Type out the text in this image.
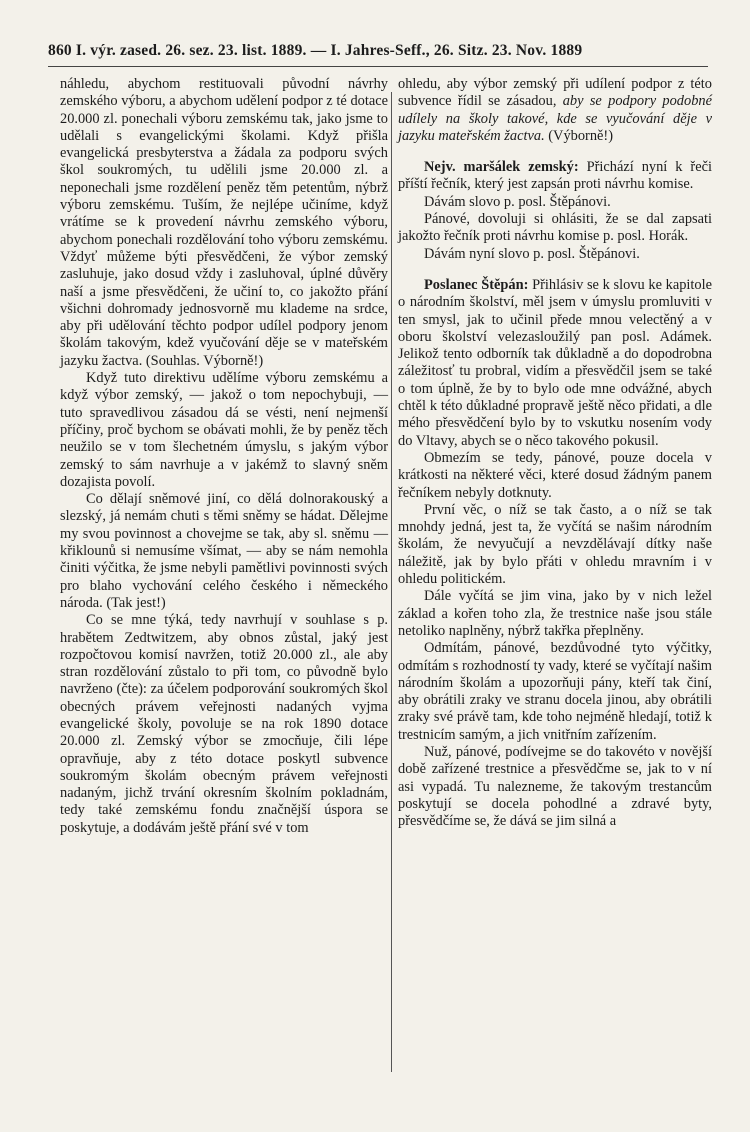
860 I. výr. zased. 26. sez. 23. list. 1889. — I. Jahres-Seff., 26. Sitz. 23. Nov. 1889

náhledu, abychom restituovali původní návrhy zemského výboru, a abychom udělení podpor z té dotace 20.000 zl. ponechali výboru zemskému tak, jako jsme to udělali s evangelickými školami. Když přišla evangelická presbyterstva a žádala za podporu svých škol soukromých, tu udělili jsme 20.000 zl. a neponechali jsme rozdělení peněz těm petentům, nýbrž výboru zemskému. Tuším, že nejlépe učiníme, když vrátíme se k provedení návrhu zemského výboru, abychom ponechali rozdělování toho výboru zemskému. Vždyť můžeme býti přesvědčeni, že výbor zemský zasluhuje, jako dosud vždy i zasluhoval, úplné důvěry naší a jsme přesvědčeni, že učiní to, co jakožto přání všichni dohromady jednosvorně mu klademe na srdce, aby při udělování těchto podpor udílel podpory jenom školám takovým, kdež vyučování děje se v mateřském jazyku žactva. (Souhlas. Výborně!)

Když tuto direktivu udělíme výboru zemskému a když výbor zemský, — jakož o tom nepochybuji, — tuto spravedlivou zásadou dá se vésti, není nejmenší příčiny, proč bychom se obávati mohli, že by peněz těch neužilo se v tom šlechetném úmyslu, s jakým výbor zemský to sám navrhuje a v jakémž to slavný sněm dozajista povolí.

Co dělají sněmové jiní, co dělá dolnorakouský a slezský, já nemám chuti s těmi sněmy se hádat. Dělejme my svou povinnost a chovejme se tak, aby sl. sněmu — křiklounů si nemusíme všímat, — aby se nám nemohla činiti výčitka, že jsme nebyli pamětlivi povinnosti svých pro blaho vychování celého českého i německého národa. (Tak jest!)

Co se mne týká, tedy navrhují v souhlase s p. hrabětem Zedtwitzem, aby obnos zůstal, jaký jest rozpočtovou komisí navržen, totiž 20.000 zl., ale aby stran rozdělování zůstalo to při tom, co původně bylo navrženo (čte): za účelem podporování soukromých škol obecných právem veřejnosti nadaných vyjma evangelické školy, povoluje se na rok 1890 dotace 20.000 zl. Zemský výbor se zmocňuje, čili lépe opravňuje, aby z této dotace poskytl subvence soukromým školám obecným právem veřejnosti nadaným, jichž trvání okresním školním pokladnám, tedy také zemskému fondu značnější úspora se poskytuje, a dodávám ještě přání své v tom

ohledu, aby výbor zemský při udílení podpor z této subvence řídil se zásadou, aby se podpory podobné udílely na školy takové, kde se vyučování děje v jazyku mateřském žactva. (Výborně!)

Nejv. maršálek zemský: Přichází nyní k řeči příští řečník, který jest zapsán proti návrhu komise.

Dávám slovo p. posl. Štěpánovi.

Pánové, dovoluji si ohlásiti, že se dal zapsati jakožto řečník proti návrhu komise p. posl. Horák.

Dávám nyní slovo p. posl. Štěpánovi.

Poslanec Štěpán: Přihlásiv se k slovu ke kapitole o národním školství, měl jsem v úmyslu promluviti v ten smysl, jak to učinil přede mnou velectěný a v oboru školství velezasloužilý pan posl. Adámek. Jelikož tento odborník tak důkladně a do dopodrobna záležitosť tu probral, vidím a přesvědčil jsem se také o tom úplně, že by to bylo ode mne odvážné, abych chtěl k této důkladné propravě ještě něco přidati, a dle mého přesvědčení bylo by to vskutku nosením vody do Vltavy, abych se o něco takového pokusil.

Obmezím se tedy, pánové, pouze docela v krátkosti na některé věci, které dosud žádným panem řečníkem nebyly dotknuty.

První věc, o níž se tak často, a o níž se tak mnohdy jedná, jest ta, že vyčítá se našim národním školám, že nevyučují a nevzdělávají dítky naše náležitě, jak by bylo přáti v ohledu mravním i v ohledu politickém.

Dále vyčítá se jim vina, jako by v nich ležel základ a kořen toho zla, že trestnice naše jsou stále netoliko naplněny, nýbrž takřka přeplněny.

Odmítám, pánové, bezdůvodné tyto výčitky, odmítám s rozhodností ty vady, které se vyčítají našim národním školám a upozorňuji pány, kteří tak činí, aby obrátili zraky ve stranu docela jinou, aby obrátili zraky své právě tam, kde toho nejméně hledají, totiž k trestnicím samým, a jich vnitřním zařízením.

Nuž, pánové, podívejme se do takovéto v novější době zařízené trestnice a přesvědčme se, jak to v ní asi vypadá. Tu nalezneme, že takovým trestancům poskytují se docela pohodlné a zdravé byty, přesvědčíme se, že dává se jim silná a
